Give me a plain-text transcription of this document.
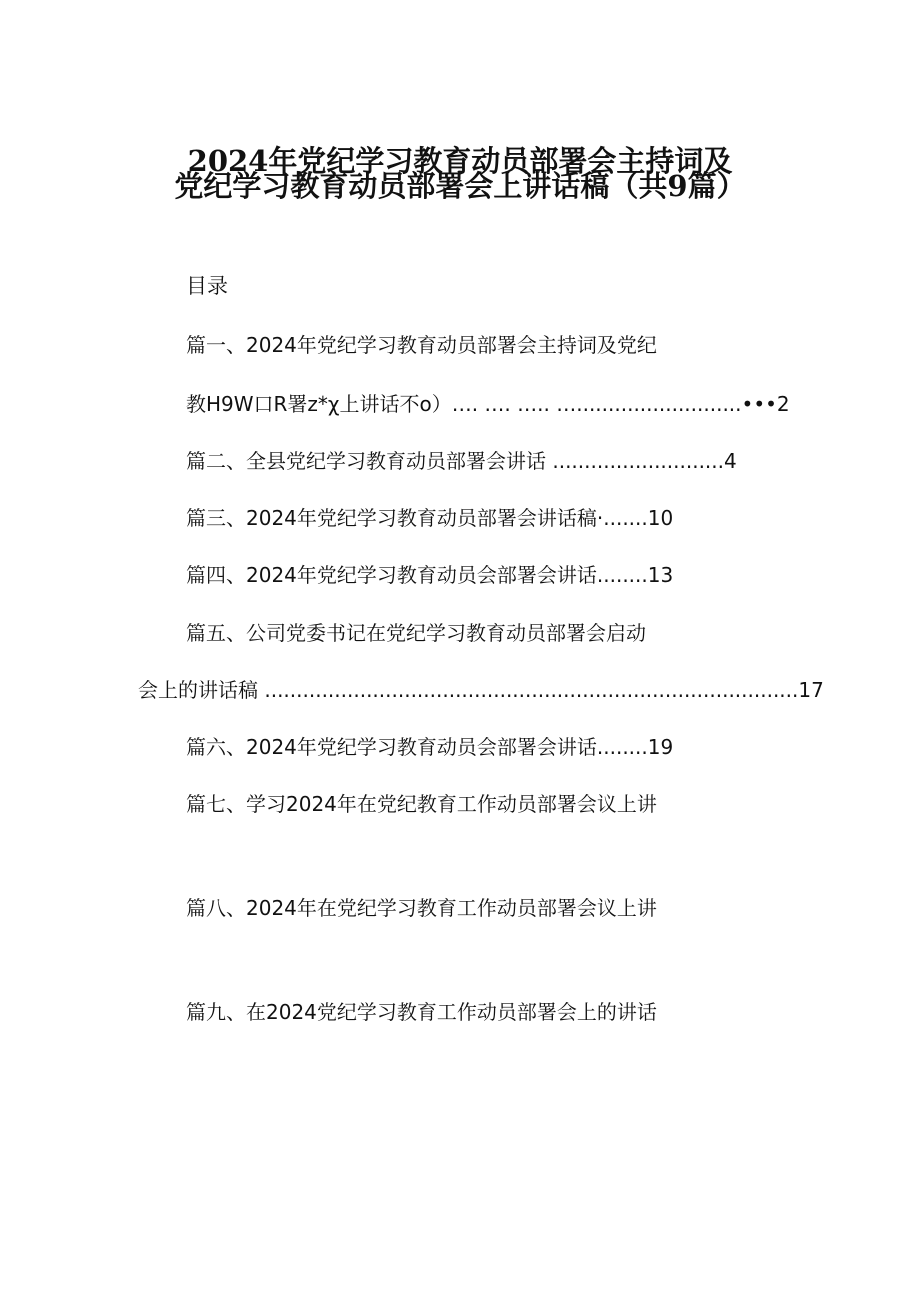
2024年党纪学习教育动员部署会主持词及
党纪学习教育动员部署会上讲话稿（共9篇）
目录
篇一、2024年党纪学习教育动员部署会主持词及党纪
教H9W口R署z*χ上讲话不o）…. …. ….. …..........................•••2
篇二、全县党纪学习教育动员部署会讲话 ...........................4
篇三、2024年党纪学习教育动员部署会讲话稿·.......10
篇四、2024年党纪学习教育动员会部署会讲话........13
篇五、公司党委书记在党纪学习教育动员部署会启动
会上的讲话稿 ....................................................................................17
篇六、2024年党纪学习教育动员会部署会讲话........19
篇七、学习2024年在党纪教育工作动员部署会议上讲
篇八、2024年在党纪学习教育工作动员部署会议上讲
篇九、在2024党纪学习教育工作动员部署会上的讲话
